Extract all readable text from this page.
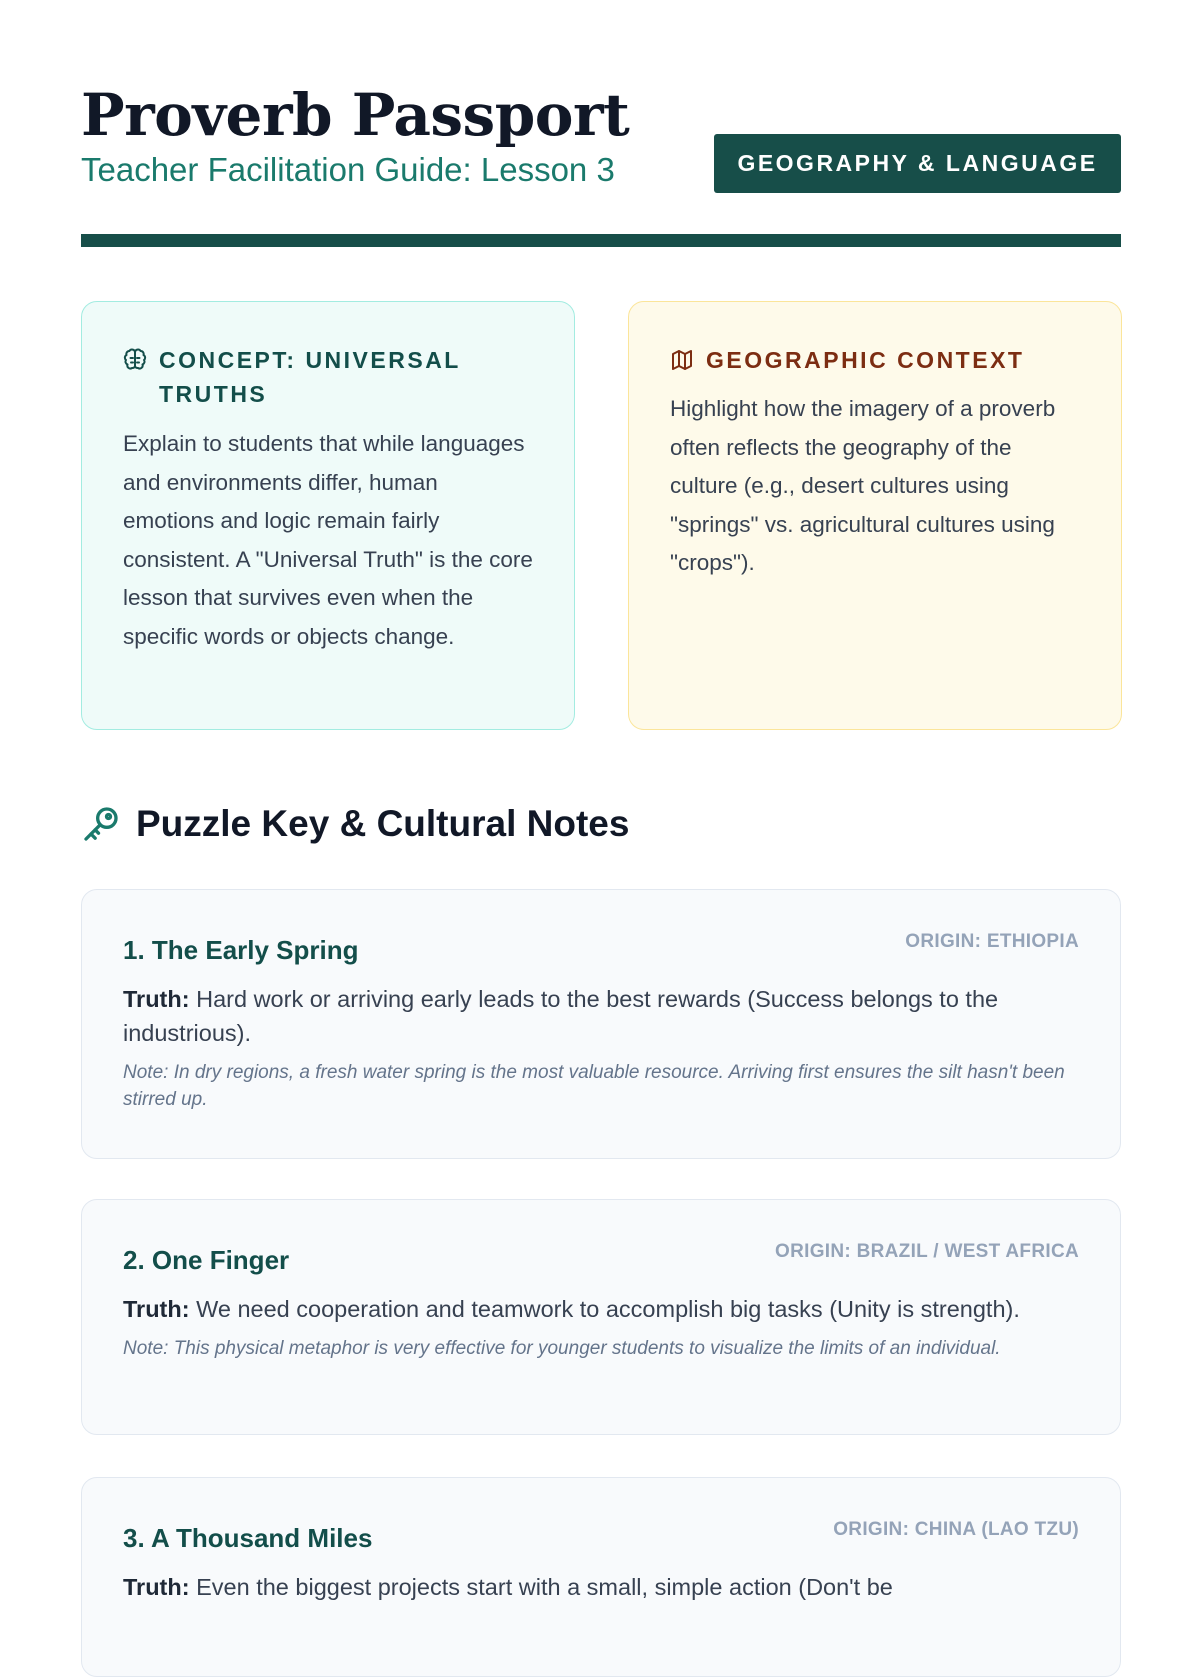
Proverb Passport
Teacher Facilitation Guide: Lesson 3	GEOGRAPHY & LANGUAGE
CONCEPT: UNIVERSAL TRUTHS

Explain to students that while languages and environments differ, human emotions and logic remain fairly consistent. A "Universal Truth" is the core lesson that survives even when the specific words or objects change.

GEOGRAPHIC CONTEXT

Highlight how the imagery of a proverb often reflects the geography of the culture (e.g., desert cultures using "springs" vs. agricultural cultures using "crops").

Puzzle Key & Cultural Notes
1. The Early Spring	ORIGIN: ETHIOPIA

Truth: Hard work or arriving early leads to the best rewards (Success belongs to the industrious).

Note: In dry regions, a fresh water spring is the most valuable resource. Arriving first ensures the silt hasn't been stirred up.

2. One Finger	ORIGIN: BRAZIL / WEST AFRICA

Truth: We need cooperation and teamwork to accomplish big tasks (Unity is strength).

Note: This physical metaphor is very effective for younger students to visualize the limits of an individual.

3. A Thousand Miles	ORIGIN: CHINA (LAO TZU)

Truth: Even the biggest projects start with a small, simple action (Don't be
